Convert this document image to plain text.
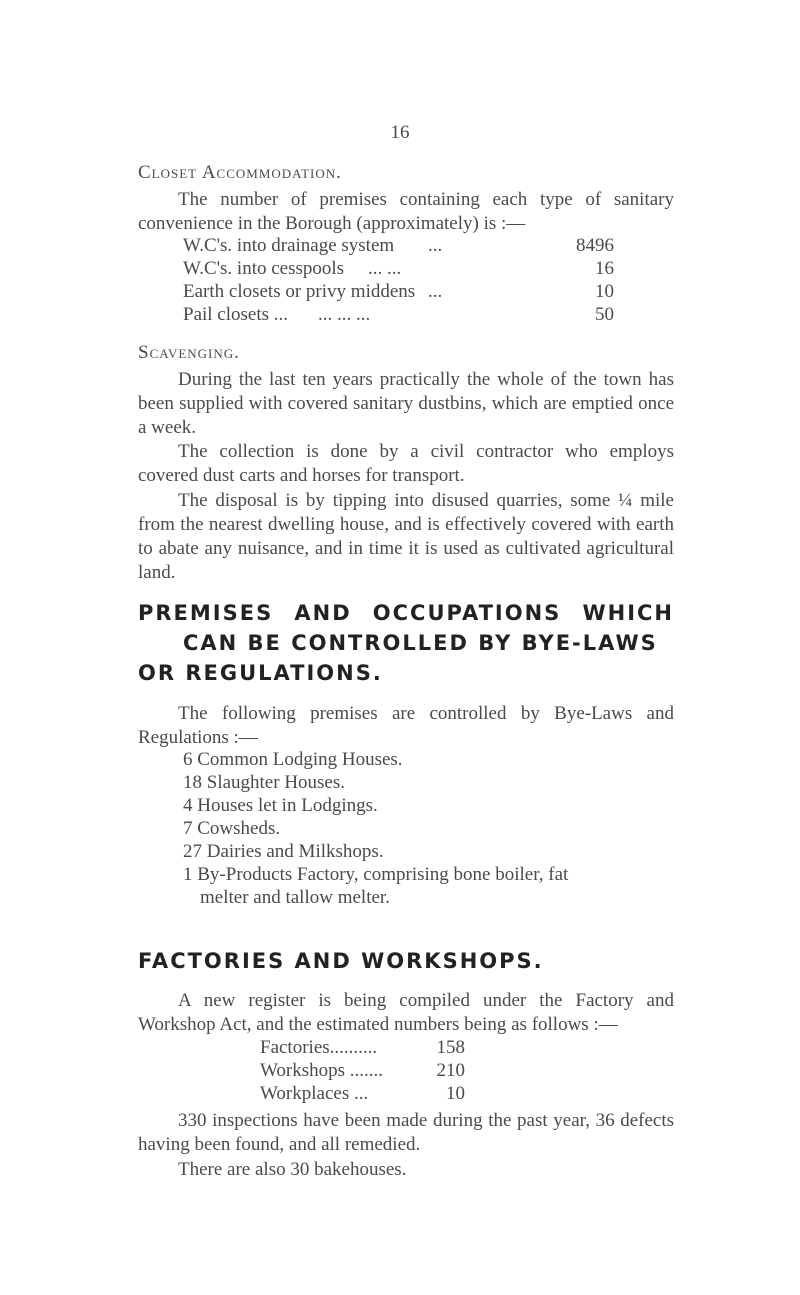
16
Closet Accommodation.

The number of premises containing each type of sanitary convenience in the Borough (approximately) is :—

W.C's. into drainage system ...	8496
W.C's. into cesspools ... ...	16
Earth closets or privy middens ...	10
Pail closets ... ... ... ...	50
Scavenging.

During the last ten years practically the whole of the town has been supplied with covered sanitary dustbins, which are emptied once a week.

The collection is done by a civil contractor who employs covered dust carts and horses for transport.

The disposal is by tipping into disused quarries, some ¼ mile from the nearest dwelling house, and is effectively covered with earth to abate any nuisance, and in time it is used as cultivated agricultural land.

PREMISES AND OCCUPATIONS WHICH
CAN BE CONTROLLED BY BYE-LAWS
OR REGULATIONS.

The following premises are controlled by Bye-Laws and Regulations :—

6 Common Lodging Houses.
18 Slaughter Houses.
4 Houses let in Lodgings.
7 Cowsheds.
27 Dairies and Milkshops.
1 By-Products Factory, comprising bone boiler, fat
melter and tallow melter.
FACTORIES AND WORKSHOPS.

A new register is being compiled under the Factory and Workshop Act, and the estimated numbers being as follows :—

Factories..........	158
Workshops .......	210
Workplaces ...	10

330 inspections have been made during the past year, 36 defects having been found, and all remedied.

There are also 30 bakehouses.
